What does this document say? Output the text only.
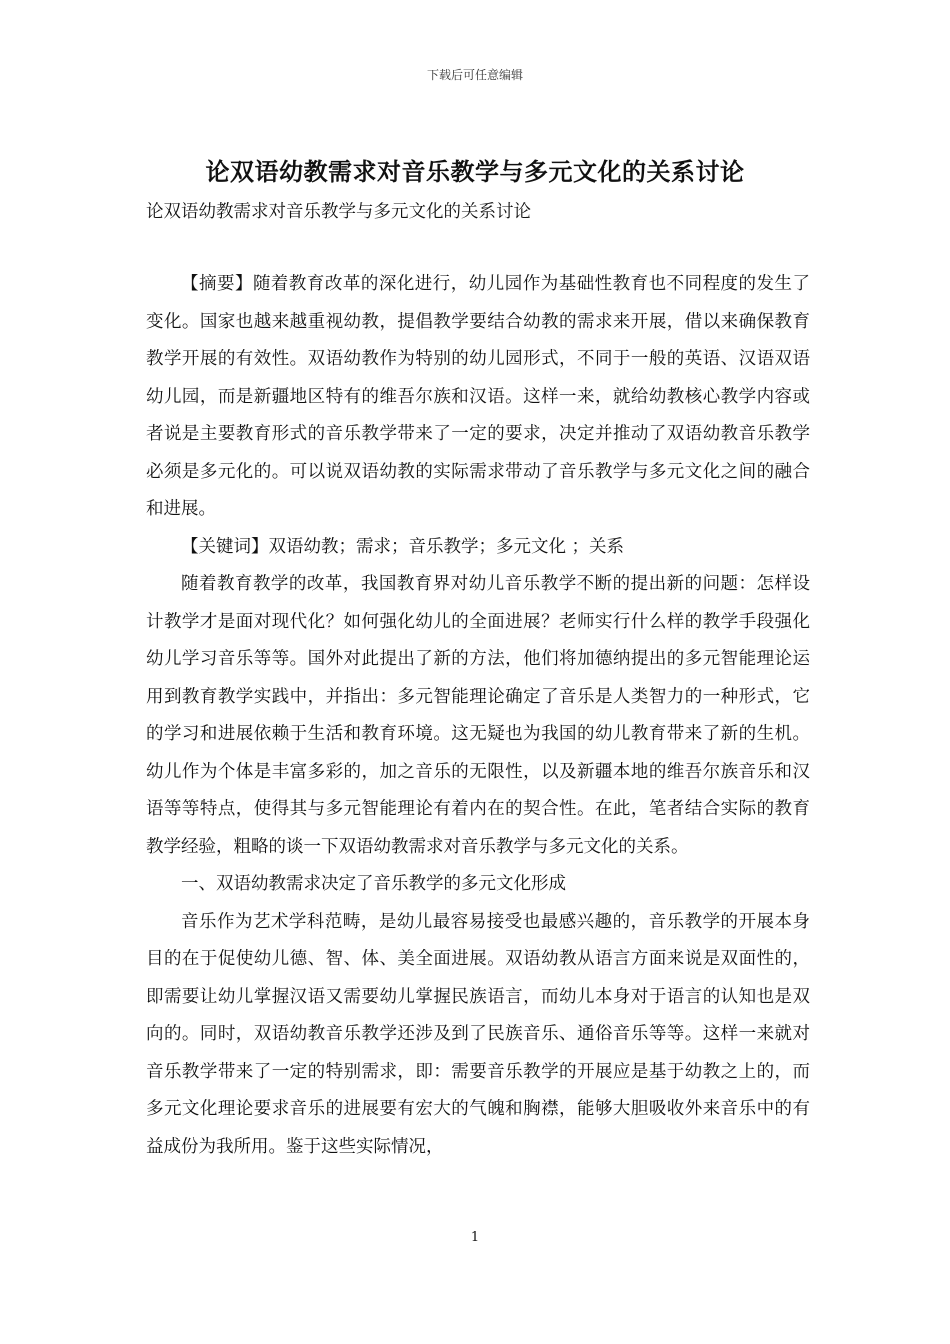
下载后可任意编辑
论双语幼教需求对音乐教学与多元文化的关系讨论

论双语幼教需求对音乐教学与多元文化的关系讨论

【摘要】随着教育改革的深化进行，幼儿园作为基础性教育也不同程度的发生了变化。国家也越来越重视幼教，提倡教学要结合幼教的需求来开展，借以来确保教育教学开展的有效性。双语幼教作为特别的幼儿园形式，不同于一般的英语、汉语双语幼儿园，而是新疆地区特有的维吾尔族和汉语。这样一来，就给幼教核心教学内容或者说是主要教育形式的音乐教学带来了一定的要求，决定并推动了双语幼教音乐教学必须是多元化的。可以说双语幼教的实际需求带动了音乐教学与多元文化之间的融合和进展。

【关键词】双语幼教；需求；音乐教学；多元文化 ；关系

随着教育教学的改革，我国教育界对幼儿音乐教学不断的提出新的问题：怎样设计教学才是面对现代化？如何强化幼儿的全面进展？老师实行什么样的教学手段强化幼儿学习音乐等等。国外对此提出了新的方法，他们将加德纳提出的多元智能理论运用到教育教学实践中，并指出：多元智能理论确定了音乐是人类智力的一种形式，它的学习和进展依赖于生活和教育环境。这无疑也为我国的幼儿教育带来了新的生机。幼儿作为个体是丰富多彩的，加之音乐的无限性，以及新疆本地的维吾尔族音乐和汉语等等特点，使得其与多元智能理论有着内在的契合性。在此，笔者结合实际的教育教学经验，粗略的谈一下双语幼教需求对音乐教学与多元文化的关系。

一、双语幼教需求决定了音乐教学的多元文化形成

音乐作为艺术学科范畴，是幼儿最容易接受也最感兴趣的，音乐教学的开展本身目的在于促使幼儿德、智、体、美全面进展。双语幼教从语言方面来说是双面性的，即需要让幼儿掌握汉语又需要幼儿掌握民族语言，而幼儿本身对于语言的认知也是双向的。同时，双语幼教音乐教学还涉及到了民族音乐、通俗音乐等等。这样一来就对音乐教学带来了一定的特别需求，即：需要音乐教学的开展应是基于幼教之上的，而多元文化理论要求音乐的进展要有宏大的气魄和胸襟，能够大胆吸收外来音乐中的有益成份为我所用。鉴于这些实际情况，

1
